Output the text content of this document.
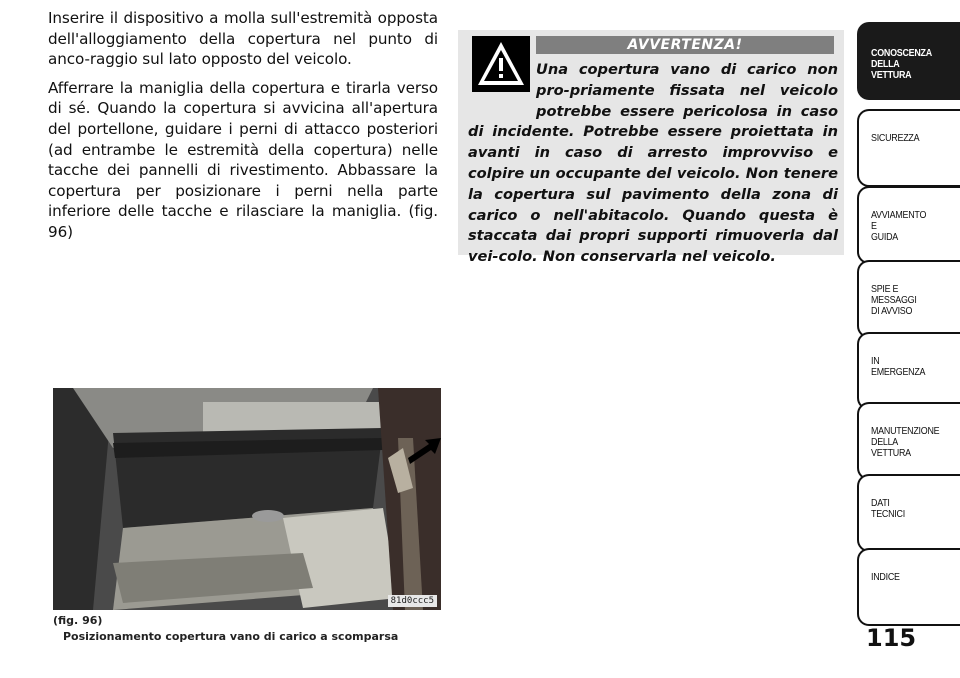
Inserire il dispositivo a molla sull'estremità opposta dell'alloggiamento della copertura nel punto di anco-raggio sul lato opposto del veicolo.

Afferrare la maniglia della copertura e tirarla verso di sé. Quando la copertura si avvicina all'apertura del portellone, guidare i perni di attacco posteriori (ad entrambe le estremità della copertura) nelle tacche dei pannelli di rivestimento. Abbassare la copertura per posizionare i perni nella parte inferiore delle tacche e rilasciare la maniglia. (fig. 96)

81d0ccc5
(fig. 96)
Posizionamento copertura vano di carico a scomparsa
AVVERTENZA!
Una copertura vano di carico non pro-priamente fissata nel veicolo potrebbe essere pericolosa in caso di incidente. Potrebbe essere proiettata in avanti in caso di arresto improvviso e colpire un occupante del veicolo. Non tenere la copertura sul pavimento della zona di carico o nell'abitacolo. Quando questa è staccata dai propri supporti rimuoverla dal vei-colo. Non conservarla nel veicolo.
CONOSCENZA
DELLA
VETTURA
SICUREZZA
AVVIAMENTO
E
GUIDA
SPIE E
MESSAGGI
DI AVVISO
IN
EMERGENZA
MANUTENZIONE
DELLA
VETTURA
DATI
TECNICI
INDICE
115
